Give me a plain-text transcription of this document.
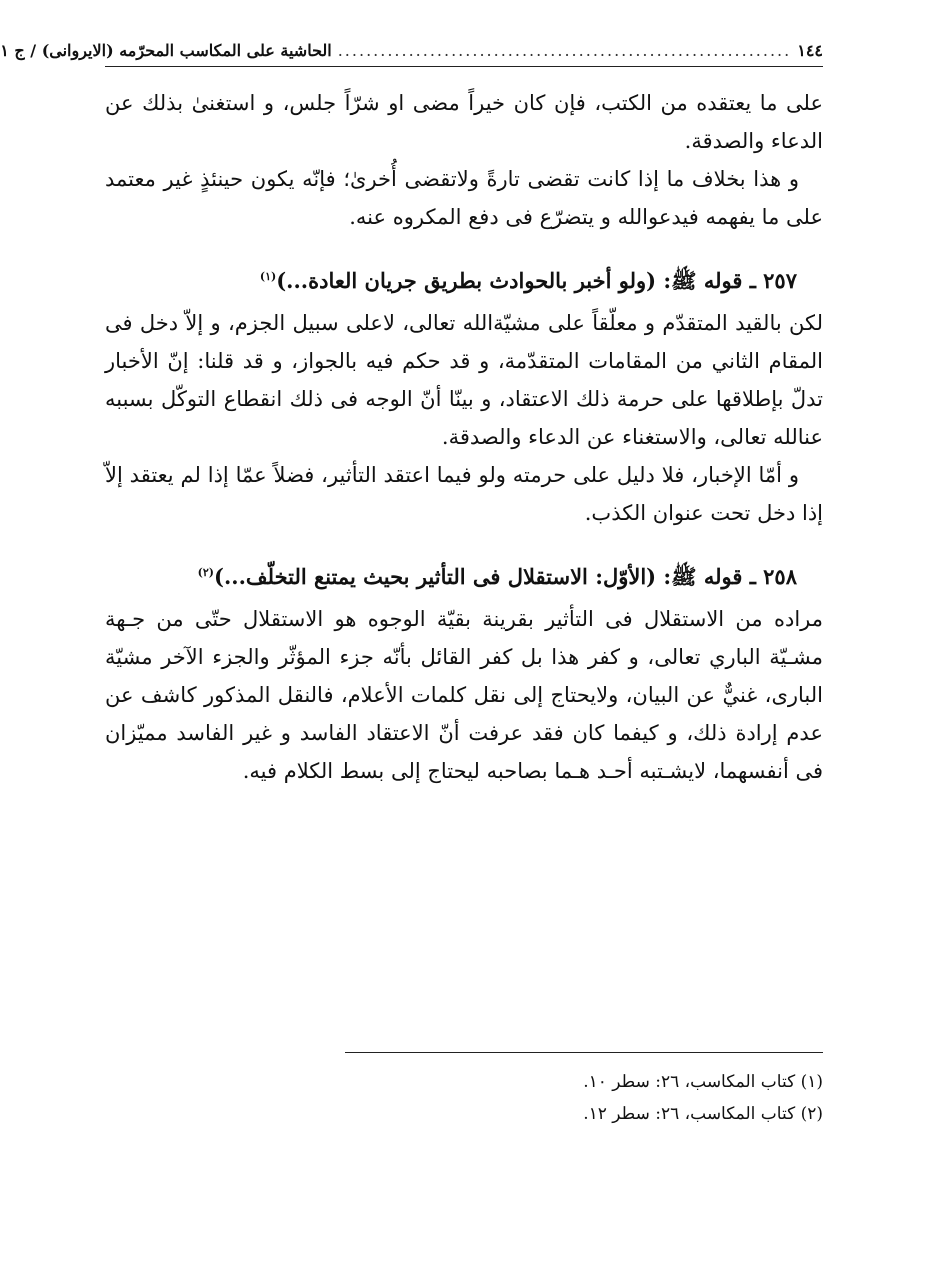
١٤٤
................................................................
الحاشية على المكاسب المحرّمه (الايروانى) / ج ١

على ما يعتقده من الكتب، فإن كان خيراً مضى او شرّاً جلس، و استغنىٰ بذلك عن الدعاء والصدقة.

و هذا بخلاف ما إذا كانت تقضى تارةً ولاتقضى أُخرىٰ؛ فإنّه يكون حينئذٍ غير معتمد على ما يفهمه فيدعوالله و يتضرّع فى دفع المكروه عنه.

٢٥٧ ـ قوله ﷺ: (ولو أخبر بالحوادث بطريق جريان العادة...)$^{(١)}$

لكن بالقيد المتقدّم و معلّقاً على مشيّةالله تعالى، لاعلى سبيل الجزم، و إلاّ دخل فى المقام الثاني من المقامات المتقدّمة، و قد حكم فيه بالجواز، و قد قلنا: إنّ الأخبار تدلّ بإطلاقها على حرمة ذلك الاعتقاد، و بينّا أنّ الوجه فى ذلك انقطاع التوكّل بسببه عنالله تعالى، والاستغناء عن الدعاء والصدقة.

و أمّا الإخبار، فلا دليل على حرمته ولو فيما اعتقد التأثير، فضلاً عمّا إذا لم يعتقد إلاّ إذا دخل تحت عنوان الكذب.

٢٥٨ ـ قوله ﷺ: (الأوّل: الاستقلال فى التأثير بحيث يمتنع التخلّف...)$^{(٢)}$

مراده من الاستقلال فى التأثير بقرينة بقيّة الوجوه هو الاستقلال حتّى من جـهة مشـيّة الباري تعالى، و كفر هذا بل كفر القائل بأنّه جزء المؤثّر والجزء الآخر مشيّة البارى، غنيٌّ عن البيان، ولايحتاج إلى نقل كلمات الأعلام، فالنقل المذكور كاشف عن عدم إرادة ذلك، و كيفما كان فقد عرفت أنّ الاعتقاد الفاسد و غير الفاسد مميّزان فى أنفسهما، لايشـتبه أحـد هـما بصاحبه ليحتاج إلى بسط الكلام فيه.

(١) كتاب المكاسب، ٢٦: سطر ١٠.
(٢) كتاب المكاسب، ٢٦: سطر ١٢.
